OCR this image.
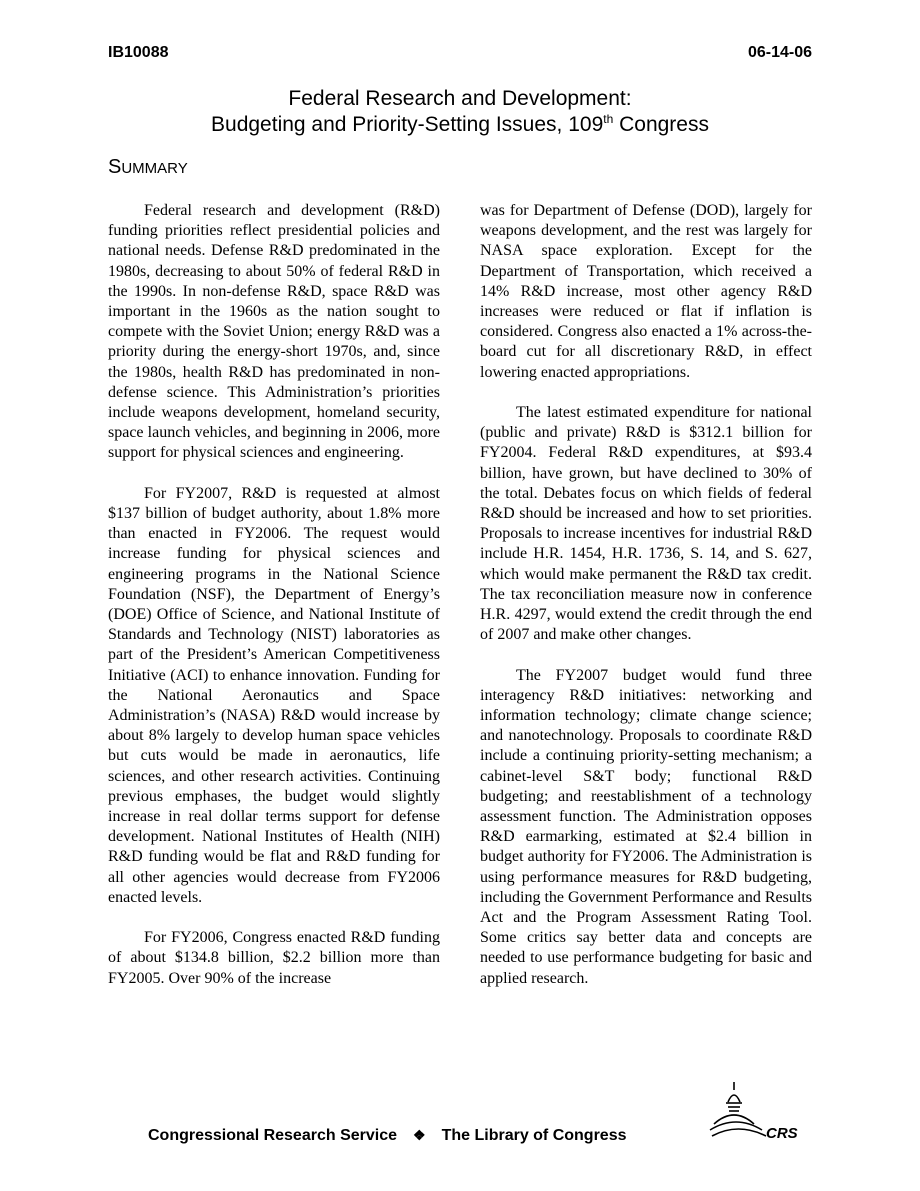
IB10088	06-14-06
Federal Research and Development:
Budgeting and Priority-Setting Issues, 109th Congress
SUMMARY

Federal research and development (R&D) funding priorities reflect presidential policies and national needs. Defense R&D predominated in the 1980s, decreasing to about 50% of federal R&D in the 1990s. In non-defense R&D, space R&D was important in the 1960s as the nation sought to compete with the Soviet Union; energy R&D was a priority during the energy-short 1970s, and, since the 1980s, health R&D has predominated in non-defense science. This Administration’s priorities include weapons development, homeland security, space launch vehicles, and beginning in 2006, more support for physical sciences and engineering.

For FY2007, R&D is requested at almost $137 billion of budget authority, about 1.8% more than enacted in FY2006. The request would increase funding for physical sciences and engineering programs in the National Science Foundation (NSF), the Department of Energy’s (DOE) Office of Science, and National Institute of Standards and Technology (NIST) laboratories as part of the President’s American Competitiveness Initiative (ACI) to enhance innovation. Funding for the National Aeronautics and Space Administration’s (NASA) R&D would increase by about 8% largely to develop human space vehicles but cuts would be made in aeronautics, life sciences, and other research activities. Continuing previous emphases, the budget would slightly increase in real dollar terms support for defense development. National Institutes of Health (NIH) R&D funding would be flat and R&D funding for all other agencies would decrease from FY2006 enacted levels.

For FY2006, Congress enacted R&D funding of about $134.8 billion, $2.2 billion more than FY2005. Over 90% of the increase

was for Department of Defense (DOD), largely for weapons development, and the rest was largely for NASA space exploration. Except for the Department of Transportation, which received a 14% R&D increase, most other agency R&D increases were reduced or flat if inflation is considered. Congress also enacted a 1% across-the-board cut for all discretionary R&D, in effect lowering enacted appropriations.

The latest estimated expenditure for national (public and private) R&D is $312.1 billion for FY2004. Federal R&D expenditures, at $93.4 billion, have grown, but have declined to 30% of the total. Debates focus on which fields of federal R&D should be increased and how to set priorities. Proposals to increase incentives for industrial R&D include H.R. 1454, H.R. 1736, S. 14, and S. 627, which would make permanent the R&D tax credit. The tax reconciliation measure now in conference H.R. 4297, would extend the credit through the end of 2007 and make other changes.

The FY2007 budget would fund three interagency R&D initiatives: networking and information technology; climate change science; and nanotechnology. Proposals to coordinate R&D include a continuing priority-setting mechanism; a cabinet-level S&T body; functional R&D budgeting; and reestablishment of a technology assessment function. The Administration opposes R&D earmarking, estimated at $2.4 billion in budget authority for FY2006. The Administration is using performance measures for R&D budgeting, including the Government Performance and Results Act and the Program Assessment Rating Tool. Some critics say better data and concepts are needed to use performance budgeting for basic and applied research.

Congressional Research Service ❖ The Library of Congress	CRS
